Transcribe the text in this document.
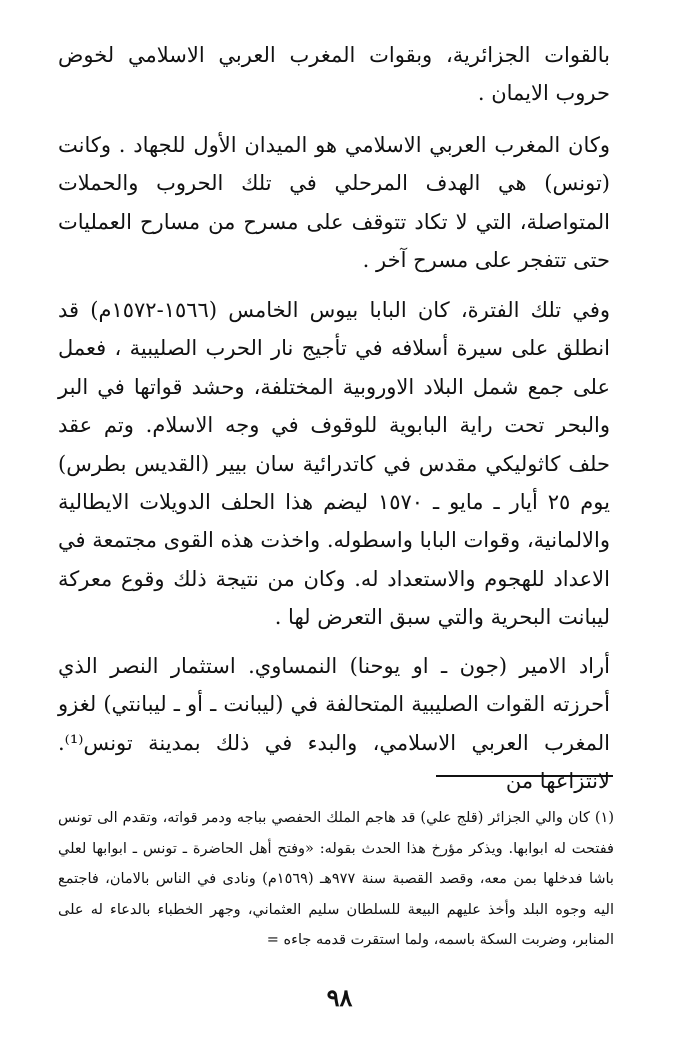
بالقوات الجزائرية، وبقوات المغرب العربي الاسلامي لخوض حروب الايمان .

وكان المغرب العربي الاسلامي هو الميدان الأول للجهاد . وكانت (تونس) هي الهدف المرحلي في تلك الحروب والحملات المتواصلة، التي لا تكاد تتوقف على مسرح من مسارح العمليات حتى تتفجر على مسرح آخر .

وفي تلك الفترة، كان البابا بيوس الخامس (١٥٦٦-١٥٧٢م) قد انطلق على سيرة أسلافه في تأجيج نار الحرب الصليبية ، فعمل على جمع شمل البلاد الاوروبية المختلفة، وحشد قواتها في البر والبحر تحت راية البابوية للوقوف في وجه الاسلام. وتم عقد حلف كاثوليكي مقدس في كاتدرائية سان بيير (القديس بطرس) يوم ٢٥ أيار ـ مايو ـ ١٥٧٠ ليضم هذا الحلف الدويلات الايطالية والالمانية، وقوات البابا واسطوله. واخذت هذه القوى مجتمعة في الاعداد للهجوم والاستعداد له. وكان من نتيجة ذلك وقوع معركة ليبانت البحرية والتي سبق التعرض لها .

أراد الامير (جون ـ او يوحنا) النمساوي. استثمار النصر الذي أحرزته القوات الصليبية المتحالفة في (ليبانت ـ أو ـ ليبانتي) لغزو المغرب العربي الاسلامي، والبدء في ذلك بمدينة تونس⁽¹⁾. لانتزاعها من

(١) كان والي الجزائر (قلج علي) قد هاجم الملك الحفصي بباجه ودمر قواته، وتقدم الى تونس ففتحت له ابوابها. ويذكر مؤرخ هذا الحدث بقوله: «وفتح أهل الحاضرة ـ تونس ـ ابوابها لعلي باشا فدخلها بمن معه، وقصد القصبة سنة ٩٧٧هـ (١٥٦٩م) ونادى في الناس بالامان، فاجتمع اليه وجوه البلد وأخذ عليهم البيعة للسلطان سليم العثماني، وجهر الخطباء بالدعاء له على المنابر، وضربت السكة باسمه، ولما استقرت قدمه جاءه =

٩٨
